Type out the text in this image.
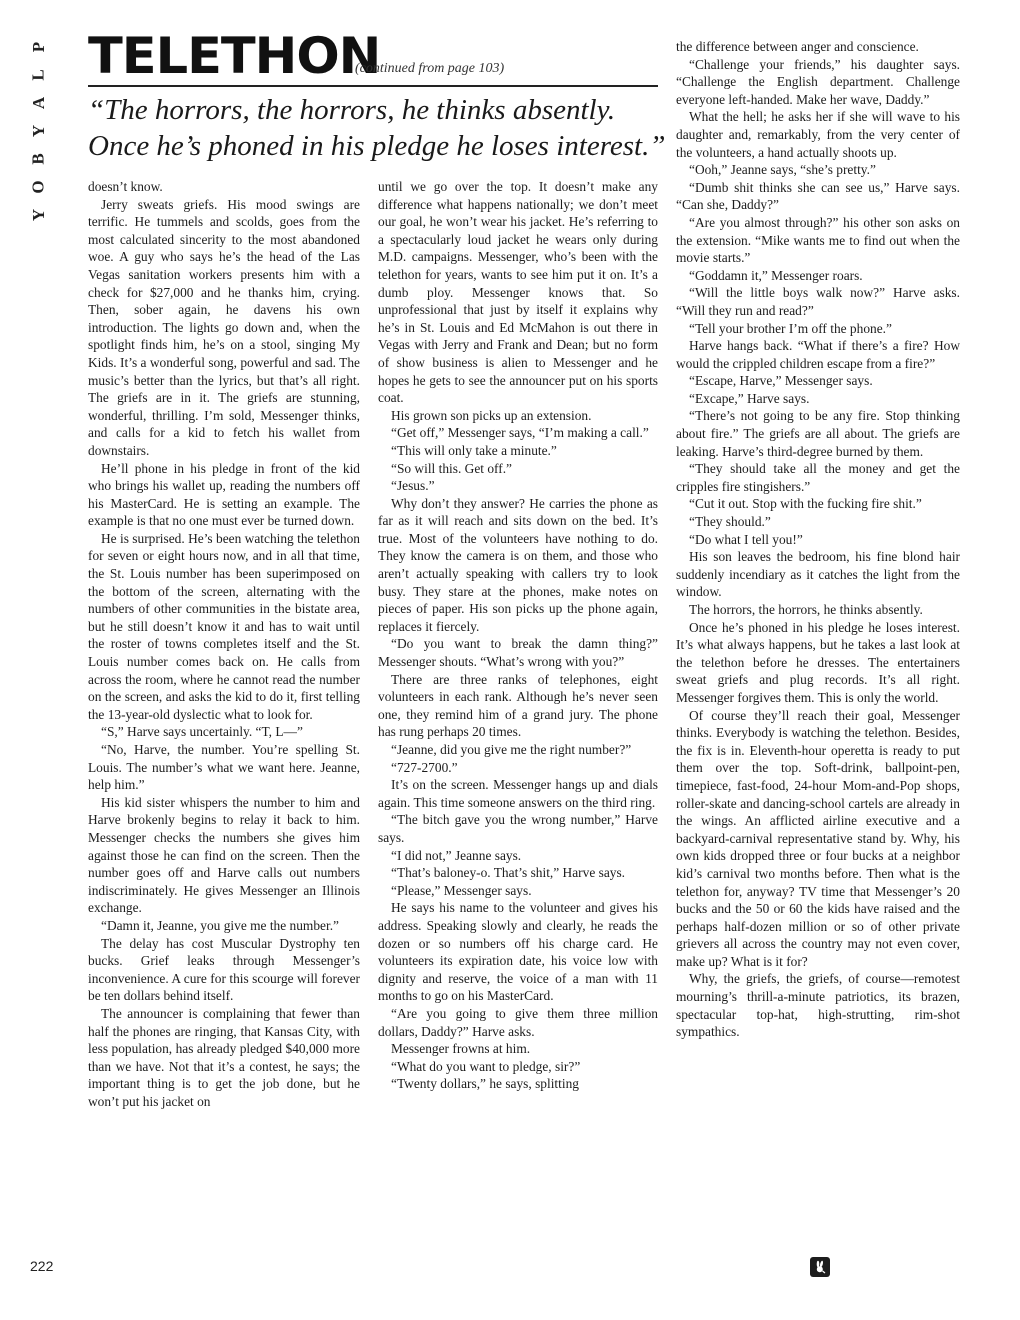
P
L
A
Y
B
O
Y
TELETHON
(continued from page 103)
“The horrors, the horrors, he thinks absently. Once he’s phoned in his pledge he loses interest.”

doesn’t know.

Jerry sweats griefs. His mood swings are terrific. He tummels and scolds, goes from the most calculated sincerity to the most abandoned woe. A guy who says he’s the head of the Las Vegas sanitation workers presents him with a check for $27,000 and he thanks him, crying. Then, sober again, he davens his own introduction. The lights go down and, when the spotlight finds him, he’s on a stool, singing My Kids. It’s a wonderful song, powerful and sad. The music’s better than the lyrics, but that’s all right. The griefs are in it. The griefs are stunning, wonderful, thrilling. I’m sold, Messenger thinks, and calls for a kid to fetch his wallet from downstairs.

He’ll phone in his pledge in front of the kid who brings his wallet up, reading the numbers off his MasterCard. He is setting an example. The example is that no one must ever be turned down.

He is surprised. He’s been watching the telethon for seven or eight hours now, and in all that time, the St. Louis number has been superimposed on the bottom of the screen, alternating with the numbers of other communities in the bistate area, but he still doesn’t know it and has to wait until the roster of towns completes itself and the St. Louis number comes back on. He calls from across the room, where he cannot read the number on the screen, and asks the kid to do it, first telling the 13-year-old dyslectic what to look for.

“S,” Harve says uncertainly. “T, L—”

“No, Harve, the number. You’re spelling St. Louis. The number’s what we want here. Jeanne, help him.”

His kid sister whispers the number to him and Harve brokenly begins to relay it back to him. Messenger checks the numbers she gives him against those he can find on the screen. Then the number goes off and Harve calls out numbers indiscriminately. He gives Messenger an Illinois exchange.

“Damn it, Jeanne, you give me the number.”

The delay has cost Muscular Dystrophy ten bucks. Grief leaks through Messenger’s inconvenience. A cure for this scourge will forever be ten dollars behind itself.

The announcer is complaining that fewer than half the phones are ringing, that Kansas City, with less population, has already pledged $40,000 more than we have. Not that it’s a contest, he says; the important thing is to get the job done, but he won’t put his jacket on

until we go over the top. It doesn’t make any difference what happens nationally; we don’t meet our goal, he won’t wear his jacket. He’s referring to a spectacularly loud jacket he wears only during M.D. campaigns. Messenger, who’s been with the telethon for years, wants to see him put it on. It’s a dumb ploy. Messenger knows that. So unprofessional that just by itself it explains why he’s in St. Louis and Ed McMahon is out there in Vegas with Jerry and Frank and Dean; but no form of show business is alien to Messenger and he hopes he gets to see the announcer put on his sports coat.

His grown son picks up an extension.

“Get off,” Messenger says, “I’m making a call.”

“This will only take a minute.”

“So will this. Get off.”

“Jesus.”

Why don’t they answer? He carries the phone as far as it will reach and sits down on the bed. It’s true. Most of the volunteers have nothing to do. They know the camera is on them, and those who aren’t actually speaking with callers try to look busy. They stare at the phones, make notes on pieces of paper. His son picks up the phone again, replaces it fiercely.

“Do you want to break the damn thing?” Messenger shouts. “What’s wrong with you?”

There are three ranks of telephones, eight volunteers in each rank. Although he’s never seen one, they remind him of a grand jury. The phone has rung perhaps 20 times.

“Jeanne, did you give me the right number?”

“727-2700.”

It’s on the screen. Messenger hangs up and dials again. This time someone answers on the third ring.

“The bitch gave you the wrong number,” Harve says.

“I did not,” Jeanne says.

“That’s baloney-o. That’s shit,” Harve says.

“Please,” Messenger says.

He says his name to the volunteer and gives his address. Speaking slowly and clearly, he reads the dozen or so numbers off his charge card. He volunteers its expiration date, his voice low with dignity and reserve, the voice of a man with 11 months to go on his MasterCard.

“Are you going to give them three million dollars, Daddy?” Harve asks.

Messenger frowns at him.

“What do you want to pledge, sir?”

“Twenty dollars,” he says, splitting

the difference between anger and conscience.

“Challenge your friends,” his daughter says. “Challenge the English department. Challenge everyone left-handed. Make her wave, Daddy.”

What the hell; he asks her if she will wave to his daughter and, remarkably, from the very center of the volunteers, a hand actually shoots up.

“Ooh,” Jeanne says, “she’s pretty.”

“Dumb shit thinks she can see us,” Harve says. “Can she, Daddy?”

“Are you almost through?” his other son asks on the extension. “Mike wants me to find out when the movie starts.”

“Goddamn it,” Messenger roars.

“Will the little boys walk now?” Harve asks. “Will they run and read?”

“Tell your brother I’m off the phone.”

Harve hangs back. “What if there’s a fire? How would the crippled children escape from a fire?”

“Escape, Harve,” Messenger says.

“Excape,” Harve says.

“There’s not going to be any fire. Stop thinking about fire.” The griefs are all about. The griefs are leaking. Harve’s third-degree burned by them.

“They should take all the money and get the cripples fire stingishers.”

“Cut it out. Stop with the fucking fire shit.”

“They should.”

“Do what I tell you!”

His son leaves the bedroom, his fine blond hair suddenly incendiary as it catches the light from the window.

The horrors, the horrors, he thinks absently.

Once he’s phoned in his pledge he loses interest. It’s what always happens, but he takes a last look at the telethon before he dresses. The entertainers sweat griefs and plug records. It’s all right. Messenger forgives them. This is only the world.

Of course they’ll reach their goal, Messenger thinks. Everybody is watching the telethon. Besides, the fix is in. Eleventh-hour operetta is ready to put them over the top. Soft-drink, ballpoint-pen, timepiece, fast-food, 24-hour Mom-and-Pop shops, roller-skate and dancing-school cartels are already in the wings. An afflicted airline executive and a backyard-carnival representative stand by. Why, his own kids dropped three or four bucks at a neighbor kid’s carnival two months before. Then what is the telethon for, anyway? TV time that Messenger’s 20 bucks and the 50 or 60 the kids have raised and the perhaps half-dozen million or so of other private grievers all across the country may not even cover, make up? What is it for?

Why, the griefs, the griefs, of course—remotest mourning’s thrill-a-minute patriotics, its brazen, spectacular top-hat, high-strutting, rim-shot sympathics.

222
